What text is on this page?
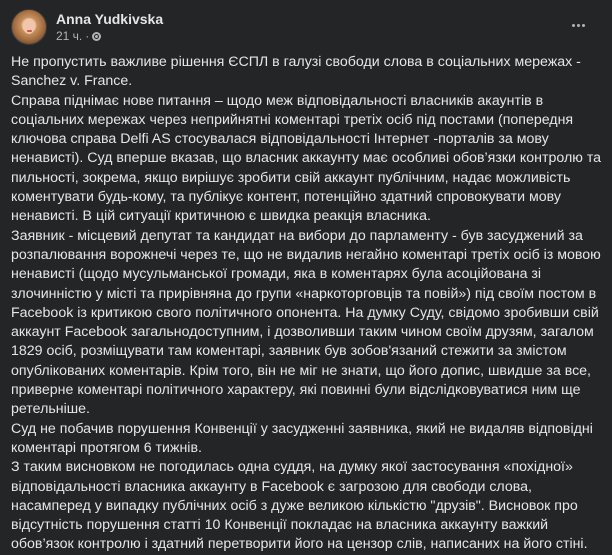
Anna Yudkivska
21 ч. ·

Не пропустить важливе рішення ЄСПЛ в галузі свободи слова в соціальних мережах - Sanchez v. France.

Справа піднімає нове питання – щодо меж відповідальності власників акаунтів в соціальних мережах через неприйнятні коментарі третіх осіб під постами (попередня ключова справа Delfi AS стосувалася відповідальності Інтернет -порталів за мову ненависті). Суд вперше вказав, що власник аккаунту має особливі обов’язки контролю та пильності, зокрема, якщо вирішує зробити свій аккаунт публічним, надає можливість коментувати будь-кому, та публікує контент, потенційно здатний спровокувати мову ненависті. В цій ситуації критичною є швидка реакція власника.

Заявник - місцевий депутат та кандидат на вибори до парламенту - був засуджений за розпалювання ворожнечі через те, що не видалив негайно коментарі третіх осіб із мовою ненависті (щодо мусульманської громади, яка в коментарях була асоційована зі злочинністю у місті та прирівняна до групи «наркоторговців та повій») під своїм постом в Facebook із критикою свого політичного опонента. На думку Суду, свідомо зробивши свій аккаунт Facebook загальнодоступним, і дозволивши таким чином своїм друзям, загалом 1829 осіб, розміщувати там коментарі, заявник був зобов'язаний стежити за змістом опублікованих коментарів. Крім того, він не міг не знати, що його допис, швидше за все, приверне коментарі політичного характеру, які повинні були відслідковуватися ним ще ретельніше.

Суд не побачив порушення Конвенції у засудженні заявника, який не видаляв відповідні коментарі протягом 6 тижнів.

З таким висновком не погодилась одна суддя, на думку якої застосування «похідної» відповідальності власника аккаунту в Facebook є загрозою для свободи слова, насамперед у випадку публічних осіб з дуже великою кількістю "друзів". Висновок про відсутність порушення статті 10 Конвенції покладає на власника аккаунту важкий обов’язок контролю і здатний перетворити його на цензор слів, написаних на його стіні.
